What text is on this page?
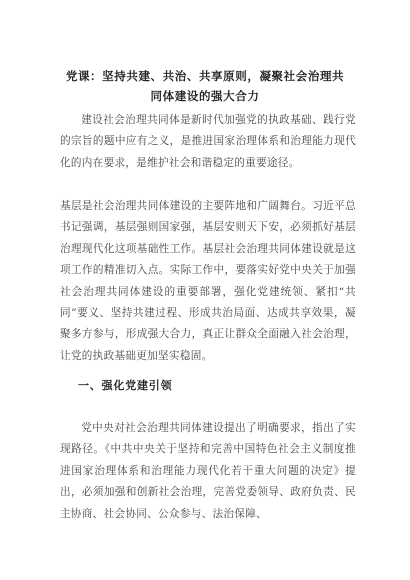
党课：坚持共建、共治、共享原则，凝聚社会治理共同体建设的强大合力

建设社会治理共同体是新时代加强党的执政基础、践行党的宗旨的题中应有之义，是推进国家治理体系和治理能力现代化的内在要求，是维护社会和谐稳定的重要途径。

基层是社会治理共同体建设的主要阵地和广阔舞台。习近平总书记强调，基层强则国家强，基层安则天下安，必须抓好基层治理现代化这项基础性工作。基层社会治理共同体建设就是这项工作的精准切入点。实际工作中，要落实好党中央关于加强社会治理共同体建设的重要部署，强化党建统领、紧扣“共同”要义、坚持共建过程、形成共治局面、达成共享效果，凝聚多方参与，形成强大合力，真正让群众全面融入社会治理，让党的执政基础更加坚实稳固。

一、强化党建引领

党中央对社会治理共同体建设提出了明确要求，指出了实现路径。《中共中央关于坚持和完善中国特色社会主义制度推进国家治理体系和治理能力现代化若干重大问题的决定》提出，必须加强和创新社会治理，完善党委领导、政府负责、民主协商、社会协同、公众参与、法治保障、
